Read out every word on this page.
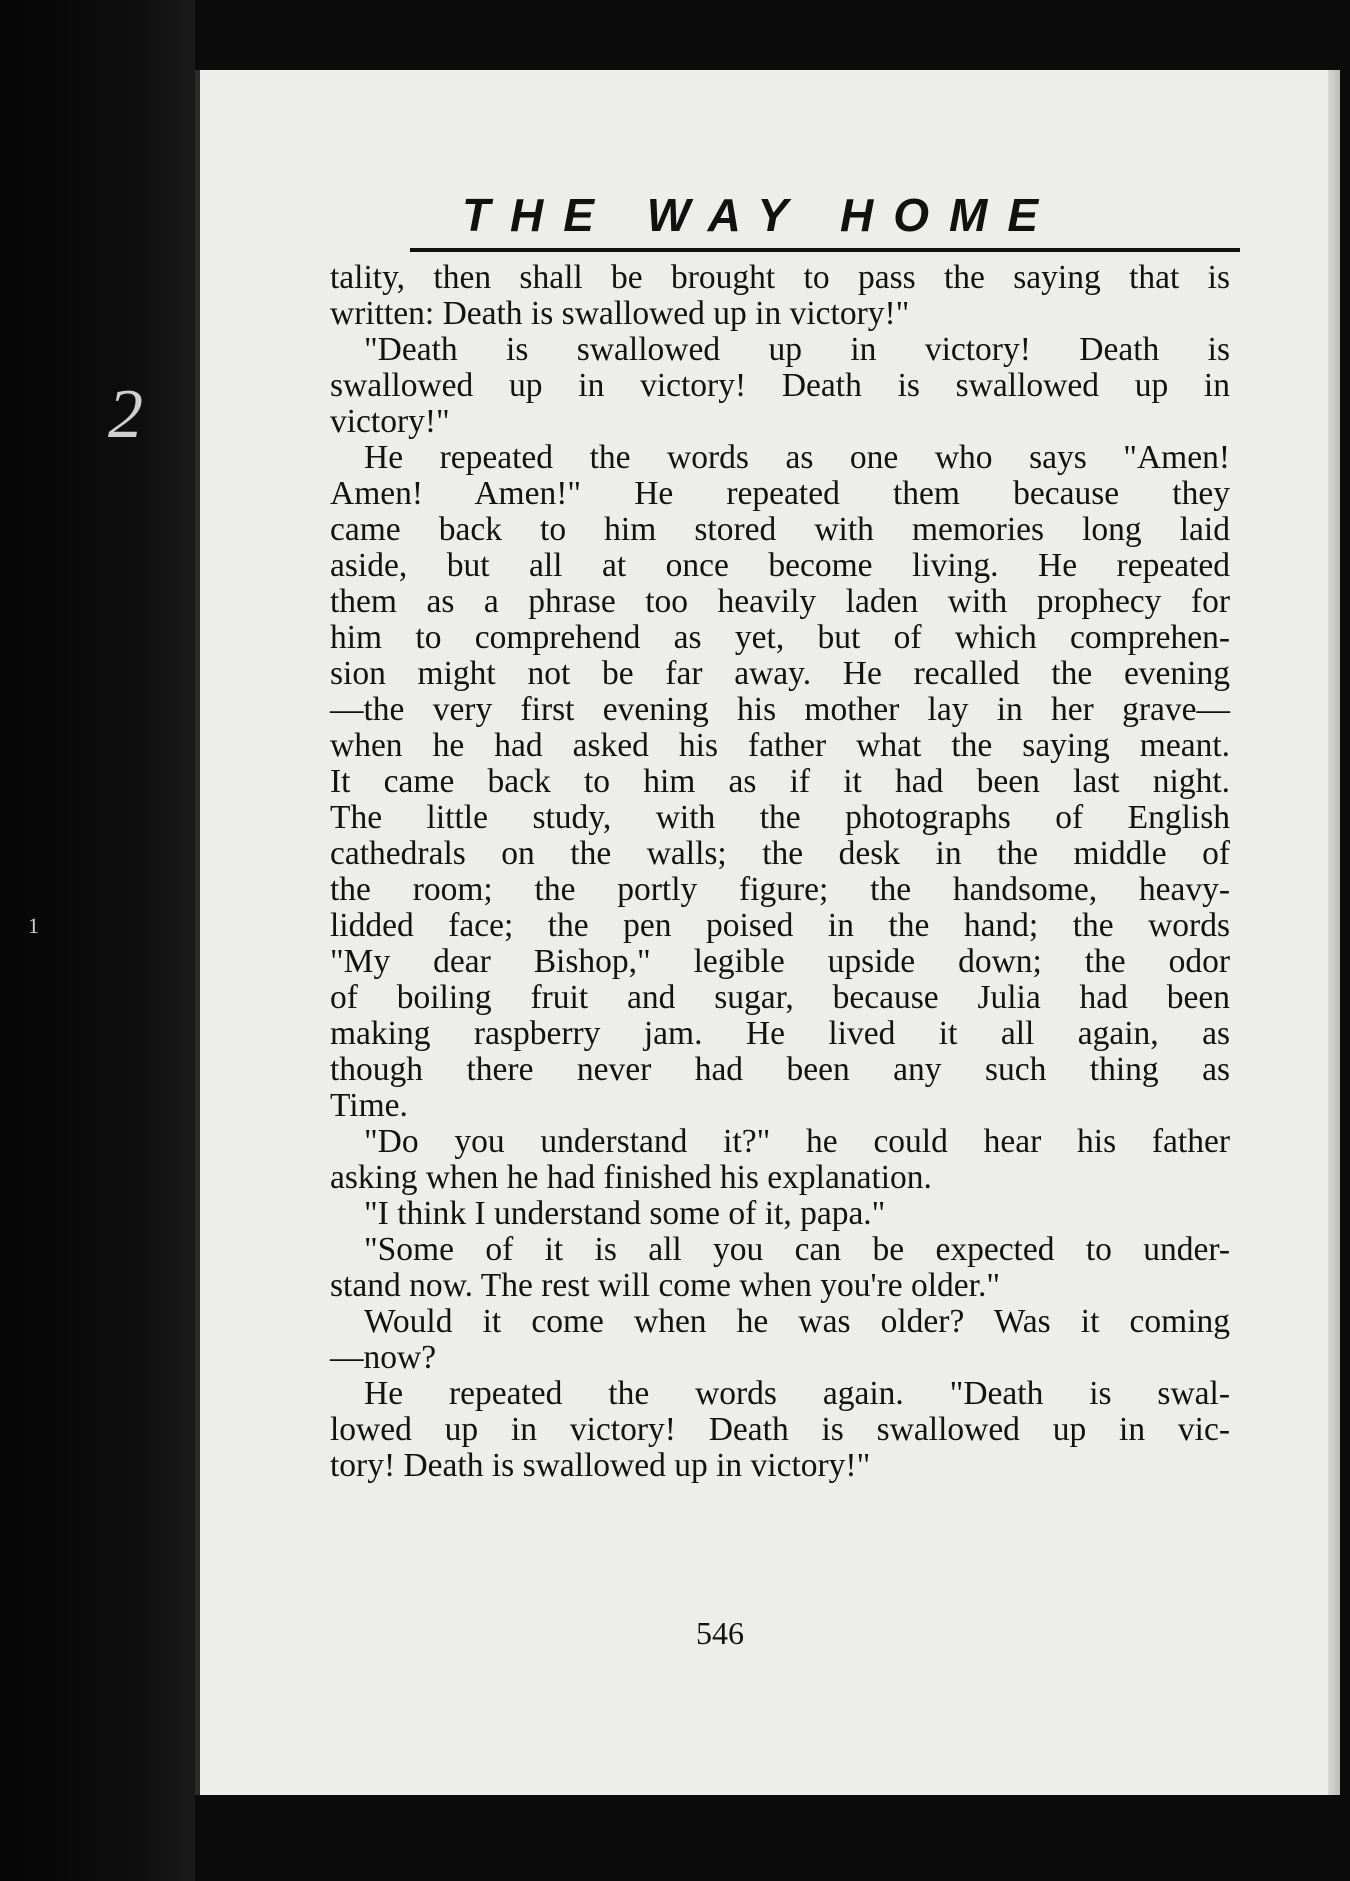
2
1
THE WAY HOME
tality, then shall be brought to pass the saying that is
written: Death is swallowed up in victory!"
"Death is swallowed up in victory! Death is
swallowed up in victory! Death is swallowed up in
victory!"
He repeated the words as one who says "Amen!
Amen! Amen!" He repeated them because they
came back to him stored with memories long laid
aside, but all at once become living. He repeated
them as a phrase too heavily laden with prophecy for
him to comprehend as yet, but of which comprehen-
sion might not be far away. He recalled the evening
—the very first evening his mother lay in her grave—
when he had asked his father what the saying meant.
It came back to him as if it had been last night.
The little study, with the photographs of English
cathedrals on the walls; the desk in the middle of
the room; the portly figure; the handsome, heavy-
lidded face; the pen poised in the hand; the words
"My dear Bishop," legible upside down; the odor
of boiling fruit and sugar, because Julia had been
making raspberry jam. He lived it all again, as
though there never had been any such thing as
Time.
"Do you understand it?" he could hear his father
asking when he had finished his explanation.
"I think I understand some of it, papa."
"Some of it is all you can be expected to under-
stand now. The rest will come when you're older."
Would it come when he was older? Was it coming
—now?
He repeated the words again. "Death is swal-
lowed up in victory! Death is swallowed up in vic-
tory! Death is swallowed up in victory!"
546
